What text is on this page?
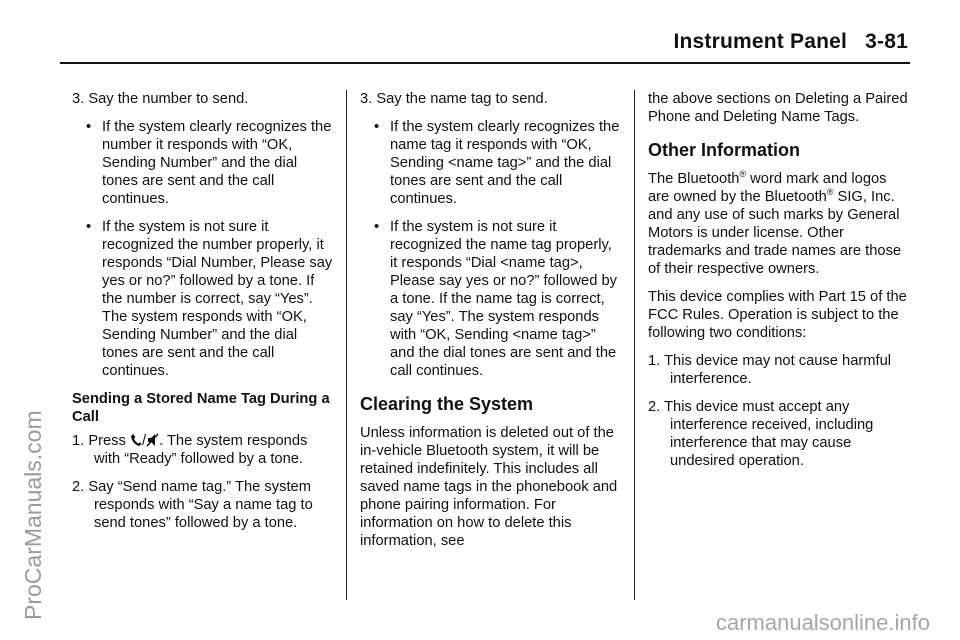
Instrument Panel 3-81
ProCarManuals.com
carmanualsonline.info

3. Say the number to send.

• If the system clearly recognizes the number it responds with “OK, Sending Number” and the dial tones are sent and the call continues.
• If the system is not sure it recognized the number properly, it responds “Dial Number, Please say yes or no?” followed by a tone. If the number is correct, say “Yes”. The system responds with “OK, Sending Number” and the dial tones are sent and the call continues.

Sending a Stored Name Tag During a Call

1. Press / . The system responds with “Ready” followed by a tone.

2. Say “Send name tag.” The system responds with “Say a name tag to send tones” followed by a tone.

3. Say the name tag to send.

• If the system clearly recognizes the name tag it responds with “OK, Sending <name tag>” and the dial tones are sent and the call continues.
• If the system is not sure it recognized the name tag properly, it responds “Dial <name tag>, Please say yes or no?” followed by a tone. If the name tag is correct, say “Yes”. The system responds with “OK, Sending <name tag>” and the dial tones are sent and the call continues.
Clearing the System

Unless information is deleted out of the in-vehicle Bluetooth system, it will be retained indefinitely. This includes all saved name tags in the phonebook and phone pairing information. For information on how to delete this information, see

the above sections on Deleting a Paired Phone and Deleting Name Tags.

Other Information

The Bluetooth® word mark and logos are owned by the Bluetooth® SIG, Inc. and any use of such marks by General Motors is under license. Other trademarks and trade names are those of their respective owners.

This device complies with Part 15 of the FCC Rules. Operation is subject to the following two conditions:

1. This device may not cause harmful interference.

2. This device must accept any interference received, including interference that may cause undesired operation.
